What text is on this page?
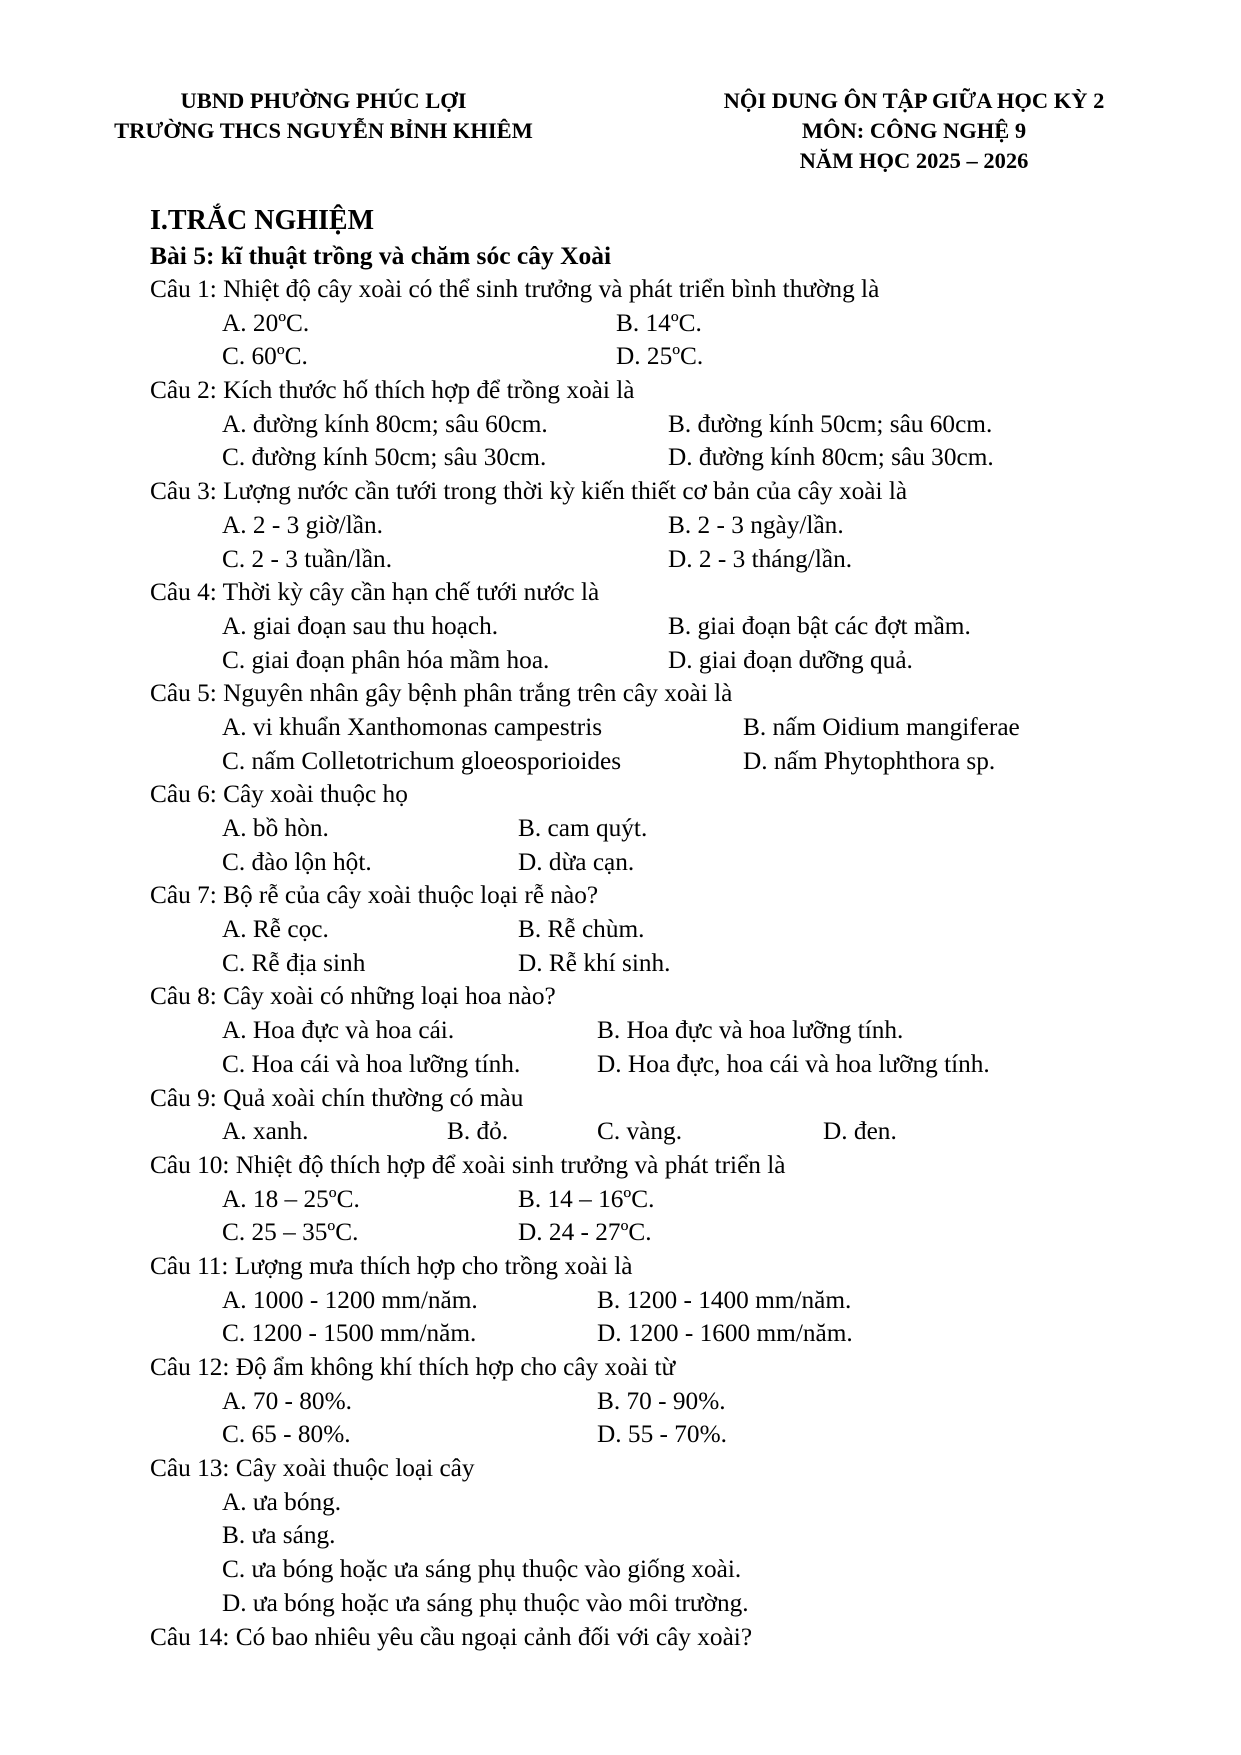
UBND PHƯỜNG PHÚC LỢI
TRƯỜNG THCS NGUYỄN BỈNH KHIÊM
NỘI DUNG ÔN TẬP GIỮA HỌC KỲ 2
MÔN: CÔNG NGHỆ 9
NĂM HỌC 2025 – 2026
I.TRẮC NGHIỆM
Bài 5: kĩ thuật trồng và chăm sóc cây Xoài
Câu 1: Nhiệt độ cây xoài có thể sinh trưởng và phát triển bình thường là
A. 20ºC.	B. 14ºC.
C. 60ºC.	D. 25ºC.
Câu 2: Kích thước hố thích hợp để trồng xoài là
A. đường kính 80cm; sâu 60cm.	B. đường kính 50cm; sâu 60cm.
C. đường kính 50cm; sâu 30cm.	D. đường kính 80cm; sâu 30cm.
Câu 3: Lượng nước cần tưới trong thời kỳ kiến thiết cơ bản của cây xoài là
A. 2 - 3 giờ/lần.	B. 2 - 3 ngày/lần.
C. 2 - 3 tuần/lần.	D. 2 - 3 tháng/lần.
Câu 4: Thời kỳ cây cần hạn chế tưới nước là
A. giai đoạn sau thu hoạch.	B. giai đoạn bật các đợt mầm.
C. giai đoạn phân hóa mầm hoa.	D. giai đoạn dưỡng quả.
Câu 5: Nguyên nhân gây bệnh phân trắng trên cây xoài là
A. vi khuẩn Xanthomonas campestris	B. nấm Oidium mangiferae
C. nấm Colletotrichum gloeosporioides	D. nấm Phytophthora sp.
Câu 6: Cây xoài thuộc họ
A. bồ hòn.	B. cam quýt.
C. đào lộn hột.	D. dừa cạn.
Câu 7: Bộ rễ của cây xoài thuộc loại rễ nào?
A. Rễ cọc.	B. Rễ chùm.
C. Rễ địa sinh	D. Rễ khí sinh.
Câu 8: Cây xoài có những loại hoa nào?
A. Hoa đực và hoa cái.	B. Hoa đực và hoa lưỡng tính.
C. Hoa cái và hoa lưỡng tính.	D. Hoa đực, hoa cái và hoa lưỡng tính.
Câu 9: Quả xoài chín thường có màu
A. xanh.	B. đỏ.	C. vàng.	D. đen.
Câu 10: Nhiệt độ thích hợp để xoài sinh trưởng và phát triển là
A. 18 – 25ºC.	B. 14 – 16ºC.
C. 25 – 35ºC.	D. 24 - 27ºC.
Câu 11: Lượng mưa thích hợp cho trồng xoài là
A. 1000 - 1200 mm/năm.	B. 1200 - 1400 mm/năm.
C. 1200 - 1500 mm/năm.	D. 1200 - 1600 mm/năm.
Câu 12: Độ ẩm không khí thích hợp cho cây xoài từ
A. 70 - 80%.	B. 70 - 90%.
C. 65 - 80%.	D. 55 - 70%.
Câu 13: Cây xoài thuộc loại cây
A. ưa bóng.
B. ưa sáng.
C. ưa bóng hoặc ưa sáng phụ thuộc vào giống xoài.
D. ưa bóng hoặc ưa sáng phụ thuộc vào môi trường.
Câu 14: Có bao nhiêu yêu cầu ngoại cảnh đối với cây xoài?
